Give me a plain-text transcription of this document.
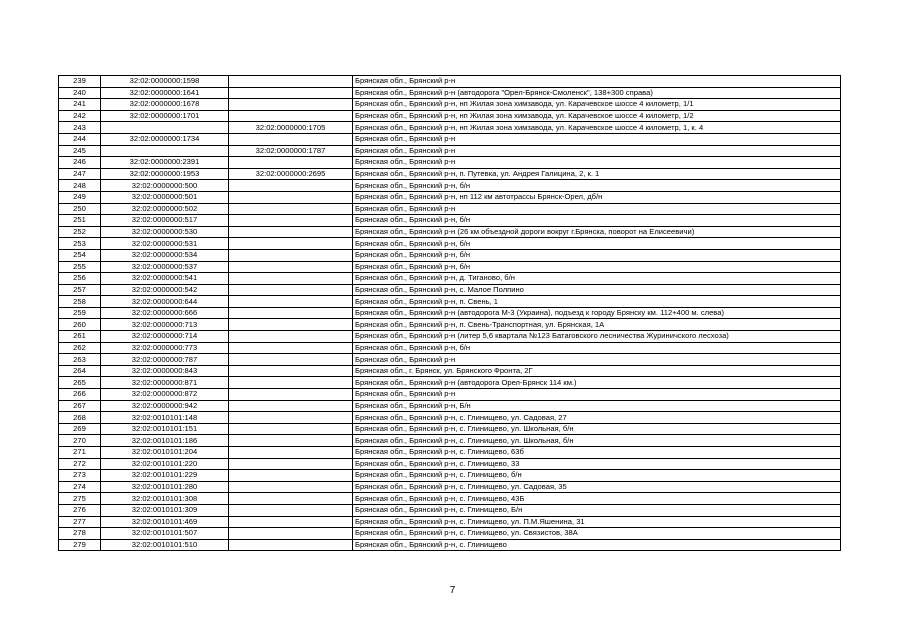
239	32:02:0000000:1598		Брянская обл., Брянский р-н
240	32:02:0000000:1641		Брянская обл., Брянский р-н (автодорога "Орел-Брянск-Смоленск", 138+300 справа)
241	32:02:0000000:1678		Брянская обл., Брянский р-н, нп Жилая зона химзавода, ул. Карачевское шоссе 4 километр, 1/1
242	32:02:0000000:1701		Брянская обл., Брянский р-н, нп Жилая зона химзавода, ул. Карачевское шоссе 4 километр, 1/2
243		32:02:0000000:1705	Брянская обл., Брянский р-н, нп Жилая зона химзавода, ул. Карачевское шоссе 4 километр, 1, к. 4
244	32:02:0000000:1734		Брянская обл., Брянский р-н
245		32:02:0000000:1787	Брянская обл., Брянский р-н
246	32:02:0000000:2391		Брянская обл., Брянский р-н
247	32:02:0000000:1953	32:02:0000000:2695	Брянская обл., Брянский р-н, п. Путевка, ул. Андрея Галицина, 2, к. 1
248	32:02:0000000:500		Брянская обл., Брянский р-н, б/н
249	32:02:0000000:501		Брянская обл., Брянский р-н, нп 112 км автотрассы Брянск-Орел, дб/н
250	32:02:0000000:502		Брянская обл., Брянский р-н
251	32:02:0000000:517		Брянская обл., Брянский р-н, б/н
252	32:02:0000000:530		Брянская обл., Брянский р-н (26 км объездной дороги вокруг г.Брянска, поворот на Елисеевичи)
253	32:02:0000000:531		Брянская обл., Брянский р-н, б/н
254	32:02:0000000:534		Брянская обл., Брянский р-н, б/н
255	32:02:0000000:537		Брянская обл., Брянский р-н, б/н
256	32:02:0000000:541		Брянская обл., Брянский р-н, д. Тиганово, б/н
257	32:02:0000000:542		Брянская обл., Брянский р-н, с. Малое Полпино
258	32:02:0000000:644		Брянская обл., Брянский р-н, п. Свень, 1
259	32:02:0000000:666		Брянская обл., Брянский р-н (автодорога М-3 (Украина), подъезд к городу Брянску км. 112+400 м. слева)
260	32:02:0000000:713		Брянская обл., Брянский р-н, п. Свень-Транспортная, ул. Брянская, 1А
261	32:02:0000000:714		Брянская обл., Брянский р-н (литер 5,6 квартала №123 Батаговского лесничества Журиничского лесхоза)
262	32:02:0000000:773		Брянская обл., Брянский р-н, б/н
263	32:02:0000000:787		Брянская обл., Брянский р-н
264	32:02:0000000:843		Брянская обл., г. Брянск, ул. Брянского Фронта, 2Г
265	32:02:0000000:871		Брянская обл., Брянский р-н (автодорога Орел-Брянск 114 км.)
266	32:02:0000000:872		Брянская обл., Брянский р-н
267	32:02:0000000:942		Брянская обл., Брянский р-н, Б/н
268	32:02:0010101:148		Брянская обл., Брянский р-н, с. Глинищево, ул. Садовая, 27
269	32:02:0010101:151		Брянская обл., Брянский р-н, с. Глинищево, ул. Школьная, б/н
270	32:02:0010101:186		Брянская обл., Брянский р-н, с. Глинищево, ул. Школьная, б/н
271	32:02:0010101:204		Брянская обл., Брянский р-н, с. Глинищево, 63б
272	32:02:0010101:220		Брянская обл., Брянский р-н, с. Глинищево, 33
273	32:02:0010101:229		Брянская обл., Брянский р-н, с. Глинищево, б/н
274	32:02:0010101:280		Брянская обл., Брянский р-н, с. Глинищево, ул. Садовая, 35
275	32:02:0010101:308		Брянская обл., Брянский р-н, с. Глинищево, 43Б
276	32:02:0010101:309		Брянская обл., Брянский р-н, с. Глинищево, Б/н
277	32:02:0010101:469		Брянская обл., Брянский р-н, с. Глинищево, ул. П.М.Яшенина, 31
278	32:02:0010101:507		Брянская обл., Брянский р-н, с. Глинищево, ул. Связистов, 38А
279	32:02:0010101:510		Брянская обл., Брянский р-н, с. Глинищево
7
